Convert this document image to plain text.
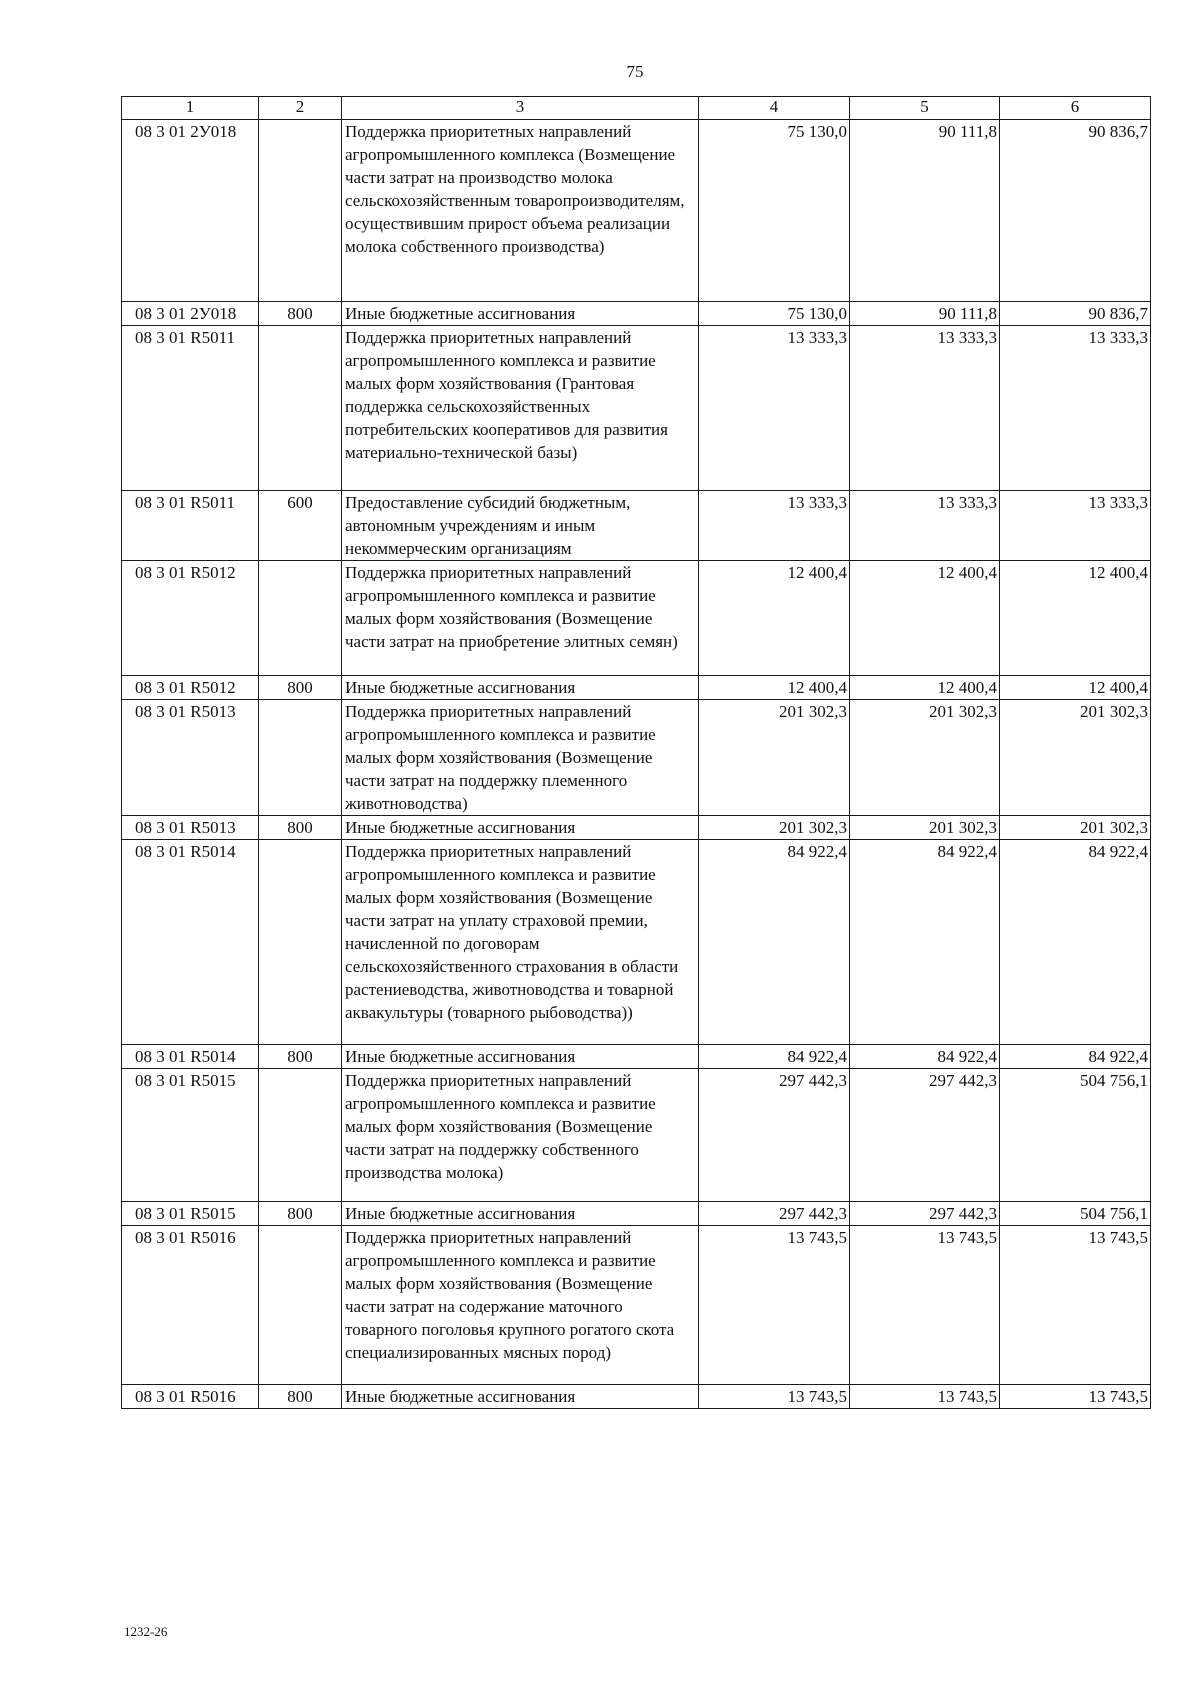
75
1	2	3	4	5	6
08 3 01 2У018		Поддержка приоритетных направлений агропромышленного комплекса (Возмещение части затрат на производство молока сельскохозяйственным товаропроизводителям, осуществившим прирост объема реализации молока собственного производства)	75 130,0	90 111,8	90 836,7
08 3 01 2У018	800	Иные бюджетные ассигнования	75 130,0	90 111,8	90 836,7
08 3 01 R5011		Поддержка приоритетных направлений агропромышленного комплекса и развитие малых форм хозяйствования (Грантовая поддержка сельскохозяйственных потребительских кооперативов для развития материально-технической базы)	13 333,3	13 333,3	13 333,3
08 3 01 R5011	600	Предоставление субсидий бюджетным, автономным учреждениям и иным некоммерческим организациям	13 333,3	13 333,3	13 333,3
08 3 01 R5012		Поддержка приоритетных направлений агропромышленного комплекса и развитие малых форм хозяйствования (Возмещение части затрат на приобретение элитных семян)	12 400,4	12 400,4	12 400,4
08 3 01 R5012	800	Иные бюджетные ассигнования	12 400,4	12 400,4	12 400,4
08 3 01 R5013		Поддержка приоритетных направлений агропромышленного комплекса и развитие малых форм хозяйствования (Возмещение части затрат на поддержку племенного животноводства)	201 302,3	201 302,3	201 302,3
08 3 01 R5013	800	Иные бюджетные ассигнования	201 302,3	201 302,3	201 302,3
08 3 01 R5014		Поддержка приоритетных направлений агропромышленного комплекса и развитие малых форм хозяйствования (Возмещение части затрат на уплату страховой премии, начисленной по договорам сельскохозяйственного страхования в области растениеводства, животноводства и товарной аквакультуры (товарного рыбоводства))	84 922,4	84 922,4	84 922,4
08 3 01 R5014	800	Иные бюджетные ассигнования	84 922,4	84 922,4	84 922,4
08 3 01 R5015		Поддержка приоритетных направлений агропромышленного комплекса и развитие малых форм хозяйствования (Возмещение части затрат на поддержку собственного производства молока)	297 442,3	297 442,3	504 756,1
08 3 01 R5015	800	Иные бюджетные ассигнования	297 442,3	297 442,3	504 756,1
08 3 01 R5016		Поддержка приоритетных направлений агропромышленного комплекса и развитие малых форм хозяйствования (Возмещение части затрат на содержание маточного товарного поголовья крупного рогатого скота специализированных мясных пород)	13 743,5	13 743,5	13 743,5
08 3 01 R5016	800	Иные бюджетные ассигнования	13 743,5	13 743,5	13 743,5
1232-26
